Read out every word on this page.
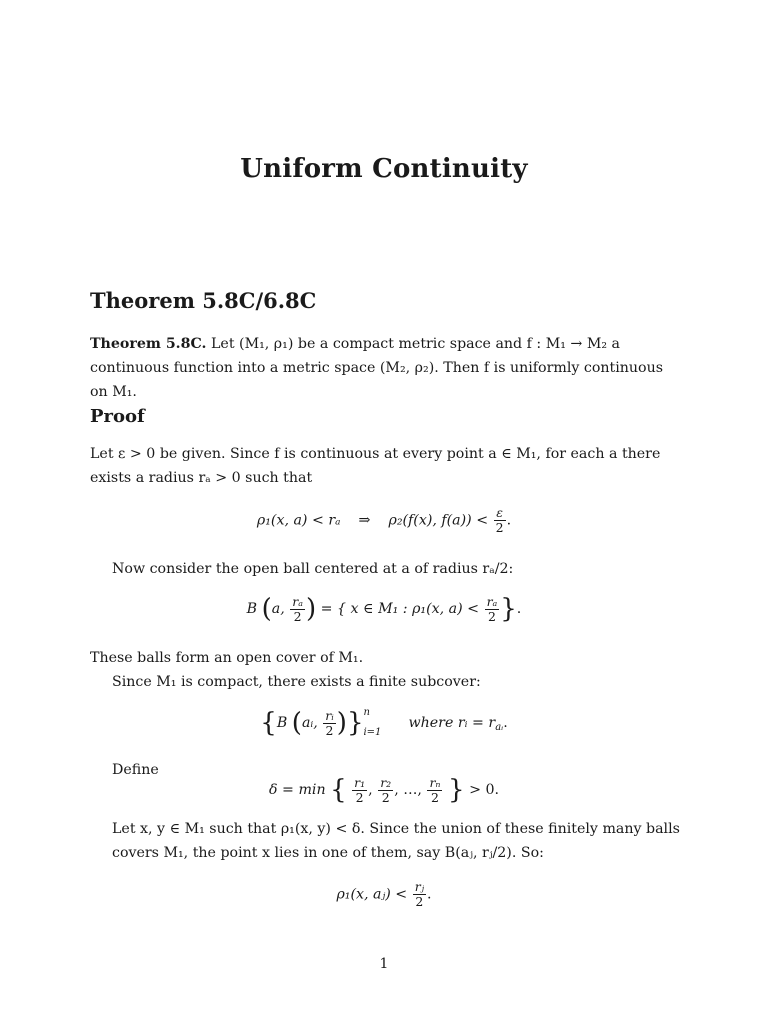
Uniform Continuity
Theorem 5.8C/6.8C
Theorem 5.8C. Let (M₁, ρ₁) be a compact metric space and f : M₁ → M₂ a continuous function into a metric space (M₂, ρ₂). Then f is uniformly continuous on M₁.
Proof
Let ε > 0 be given. Since f is continuous at every point a ∈ M₁, for each a there exists a radius rₐ > 0 such that
ρ₁(x, a) < rₐ ⇒ ρ₂(f(x), $f(a)) < \frac{\varepsilon}{2}$ .
Now consider the open ball centered at a of radius rₐ/2:
B (a, $\frac{\text{rₐ}}{2}$ ) = { x ∈ M₁ : ρ₁(x, $a) < \frac{\text{rₐ}}{2}$ }.
These balls form an open cover of M₁.
Since M₁ is compact, there exists a finite subcover:
{B (aᵢ, $\frac{\text{rᵢ}}{2}$ )} n
i=1
where rᵢ = $r_{aᵢ}$.
Define
δ = min { $\frac{\text{r₁}}{2}$ , $\frac{\text{r₂}}{2}$ , …, $\frac{\text{rₙ}}{2}$ } > 0.
Let x, y ∈ M₁ such that ρ₁(x, y) < δ. Since the union of these finitely many balls covers M₁, the point x lies in one of them, say B(aⱼ, rⱼ/2). So:
ρ₁(x, aⱼ) < $\frac{\text{rⱼ}}{2}$ .
1
